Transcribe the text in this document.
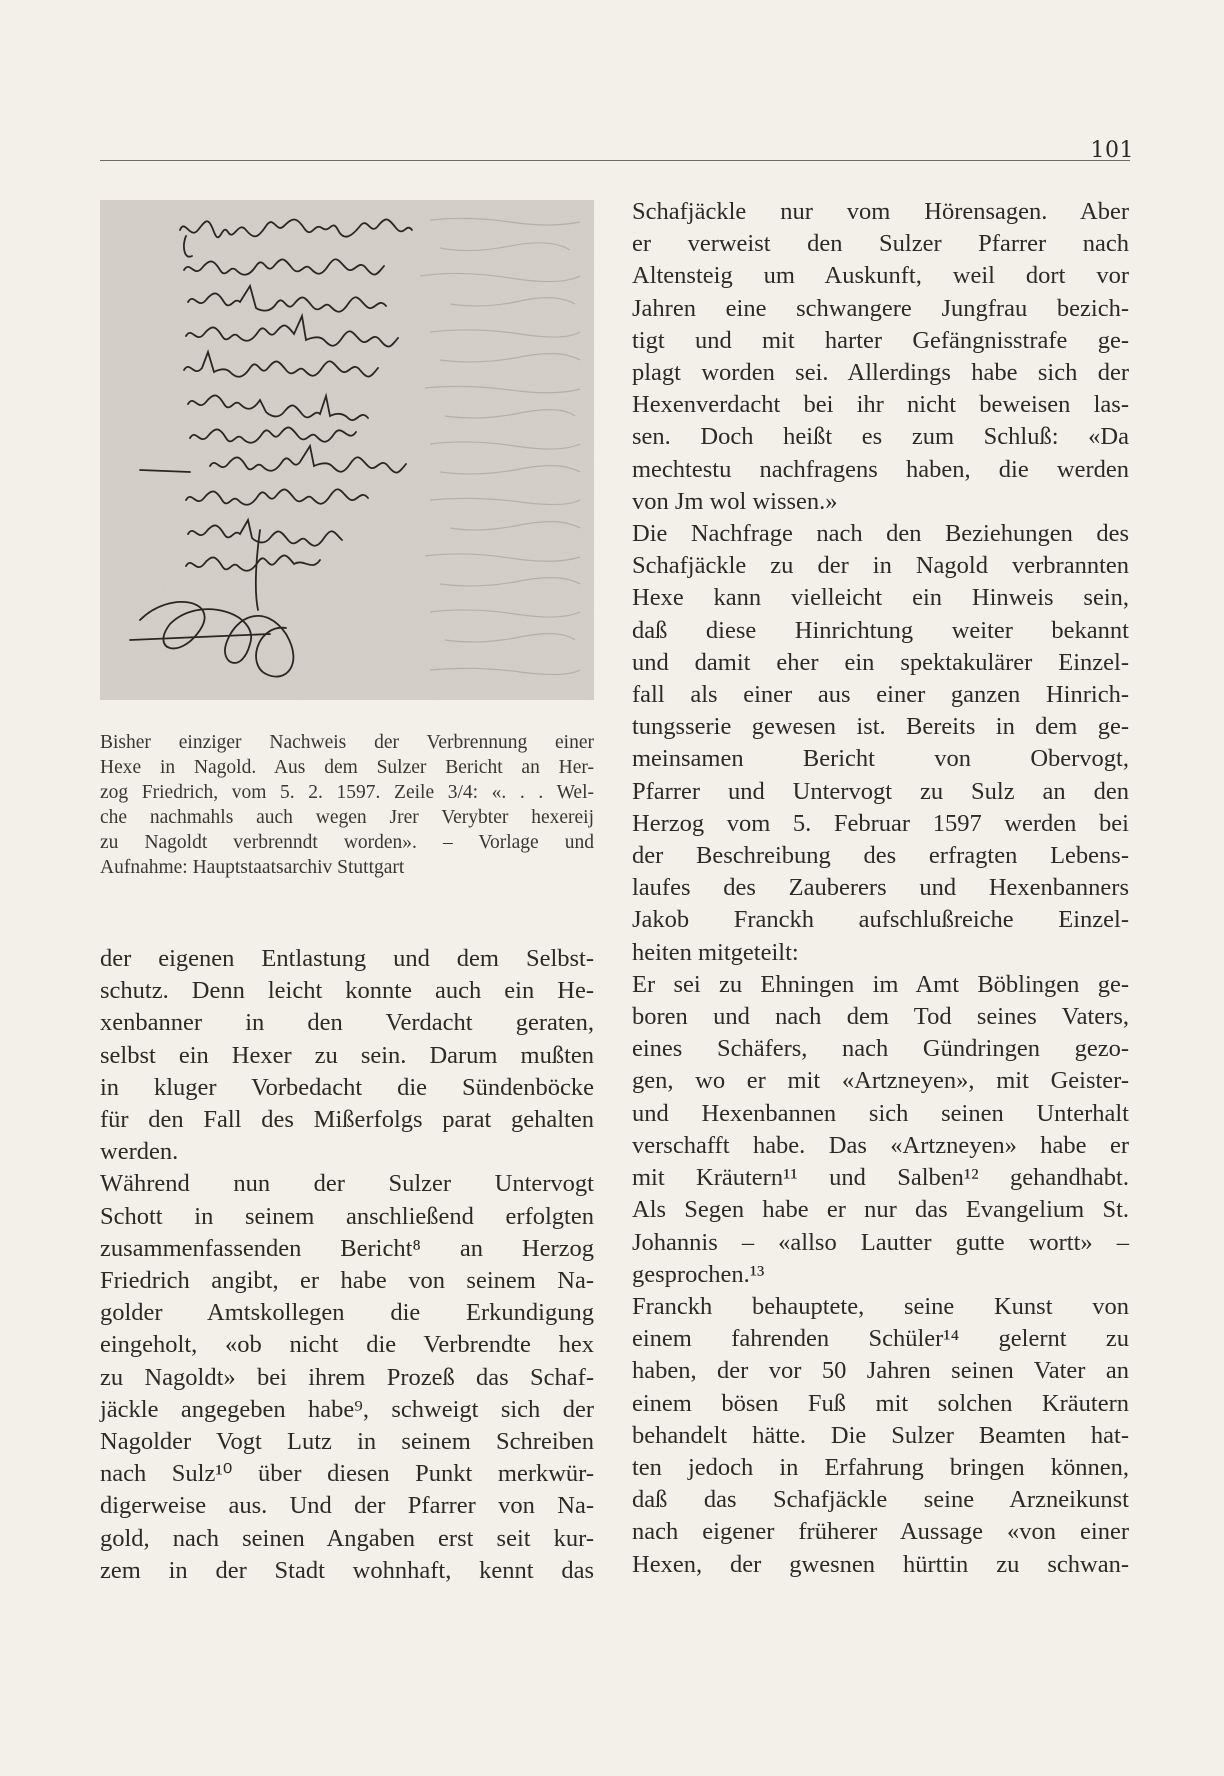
101

Bisher einziger Nachweis der Verbrennung einer
Hexe in Nagold. Aus dem Sulzer Bericht an Her-
zog Friedrich, vom 5. 2. 1597. Zeile 3/4: «. . . Wel-
che nachmahls auch wegen Jrer Verybter hexereij
zu Nagoldt verbrenndt worden». – Vorlage und
Aufnahme: Hauptstaatsarchiv Stuttgart

der eigenen Entlastung und dem Selbst-
schutz. Denn leicht konnte auch ein He-
xenbanner in den Verdacht geraten,
selbst ein Hexer zu sein. Darum mußten
in kluger Vorbedacht die Sündenböcke
für den Fall des Mißerfolgs parat gehalten
werden.
Während nun der Sulzer Untervogt
Schott in seinem anschließend erfolgten
zusammenfassenden Bericht⁸ an Herzog
Friedrich angibt, er habe von seinem Na-
golder Amtskollegen die Erkundigung
eingeholt, «ob nicht die Verbrendte hex
zu Nagoldt» bei ihrem Prozeß das Schaf-
jäckle angegeben habe⁹, schweigt sich der
Nagolder Vogt Lutz in seinem Schreiben
nach Sulz¹⁰ über diesen Punkt merkwür-
digerweise aus. Und der Pfarrer von Na-
gold, nach seinen Angaben erst seit kur-
zem in der Stadt wohnhaft, kennt das
Schafjäckle nur vom Hörensagen. Aber
er verweist den Sulzer Pfarrer nach
Altensteig um Auskunft, weil dort vor
Jahren eine schwangere Jungfrau bezich-
tigt und mit harter Gefängnisstrafe ge-
plagt worden sei. Allerdings habe sich der
Hexenverdacht bei ihr nicht beweisen las-
sen. Doch heißt es zum Schluß: «Da
mechtestu nachfragens haben, die werden
von Jm wol wissen.»
Die Nachfrage nach den Beziehungen des
Schafjäckle zu der in Nagold verbrannten
Hexe kann vielleicht ein Hinweis sein,
daß diese Hinrichtung weiter bekannt
und damit eher ein spektakulärer Einzel-
fall als einer aus einer ganzen Hinrich-
tungsserie gewesen ist. Bereits in dem ge-
meinsamen Bericht von Obervogt,
Pfarrer und Untervogt zu Sulz an den
Herzog vom 5. Februar 1597 werden bei
der Beschreibung des erfragten Lebens-
laufes des Zauberers und Hexenbanners
Jakob Franckh aufschlußreiche Einzel-
heiten mitgeteilt:
Er sei zu Ehningen im Amt Böblingen ge-
boren und nach dem Tod seines Vaters,
eines Schäfers, nach Gündringen gezo-
gen, wo er mit «Artzneyen», mit Geister-
und Hexenbannen sich seinen Unterhalt
verschafft habe. Das «Artzneyen» habe er
mit Kräutern¹¹ und Salben¹² gehandhabt.
Als Segen habe er nur das Evangelium St.
Johannis – «allso Lautter gutte wortt» –
gesprochen.¹³
Franckh behauptete, seine Kunst von
einem fahrenden Schüler¹⁴ gelernt zu
haben, der vor 50 Jahren seinen Vater an
einem bösen Fuß mit solchen Kräutern
behandelt hätte. Die Sulzer Beamten hat-
ten jedoch in Erfahrung bringen können,
daß das Schafjäckle seine Arzneikunst
nach eigener früherer Aussage «von einer
Hexen, der gwesnen hürttin zu schwan-
